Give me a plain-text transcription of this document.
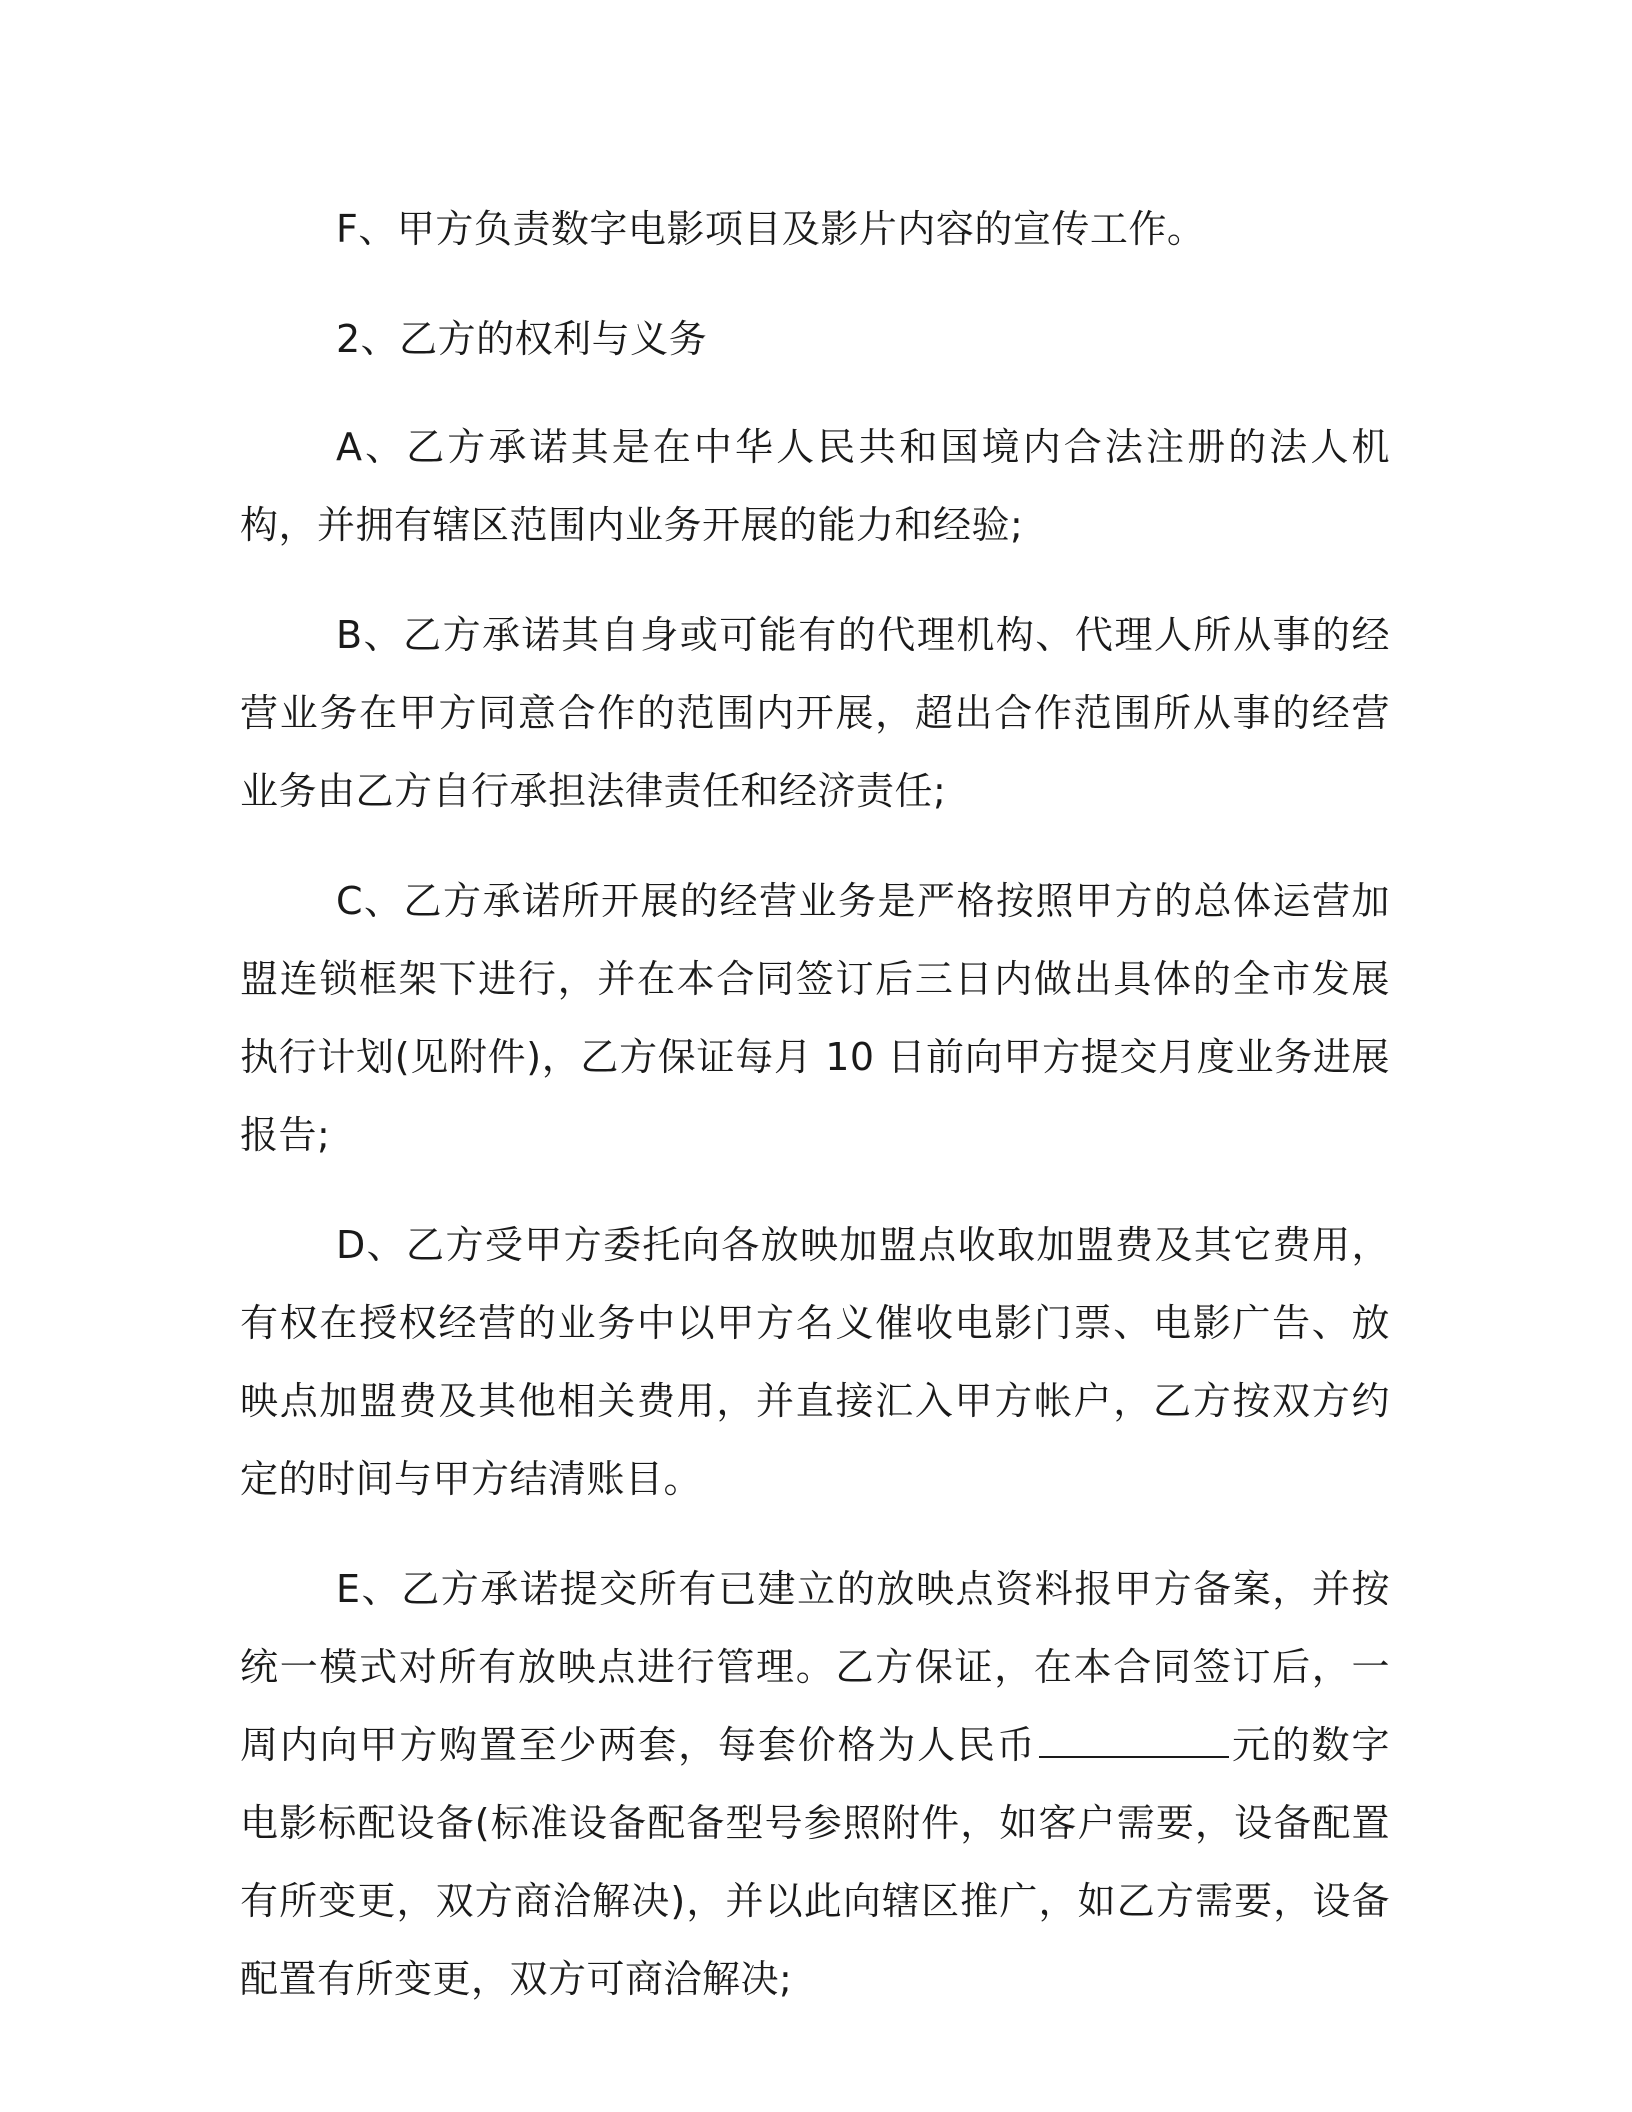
F、甲方负责数字电影项目及影片内容的宣传工作。

2、乙方的权利与义务

A、乙方承诺其是在中华人民共和国境内合法注册的法人机构，并拥有辖区范围内业务开展的能力和经验;

B、乙方承诺其自身或可能有的代理机构、代理人所从事的经营业务在甲方同意合作的范围内开展，超出合作范围所从事的经营业务由乙方自行承担法律责任和经济责任;

C、乙方承诺所开展的经营业务是严格按照甲方的总体运营加盟连锁框架下进行，并在本合同签订后三日内做出具体的全市发展执行计划(见附件)，乙方保证每月 10 日前向甲方提交月度业务进展报告;

D、乙方受甲方委托向各放映加盟点收取加盟费及其它费用，有权在授权经营的业务中以甲方名义催收电影门票、电影广告、放映点加盟费及其他相关费用，并直接汇入甲方帐户，乙方按双方约定的时间与甲方结清账目。

E、乙方承诺提交所有已建立的放映点资料报甲方备案，并按统一模式对所有放映点进行管理。乙方保证，在本合同签订后，一周内向甲方购置至少两套，每套价格为人民币	元的数字电影标配设备(标准设备配备型号参照附件，如客户需要，设备配置有所变更，双方商洽解决)，并以此向辖区推广，如乙方需要，设备配置有所变更，双方可商洽解决;
